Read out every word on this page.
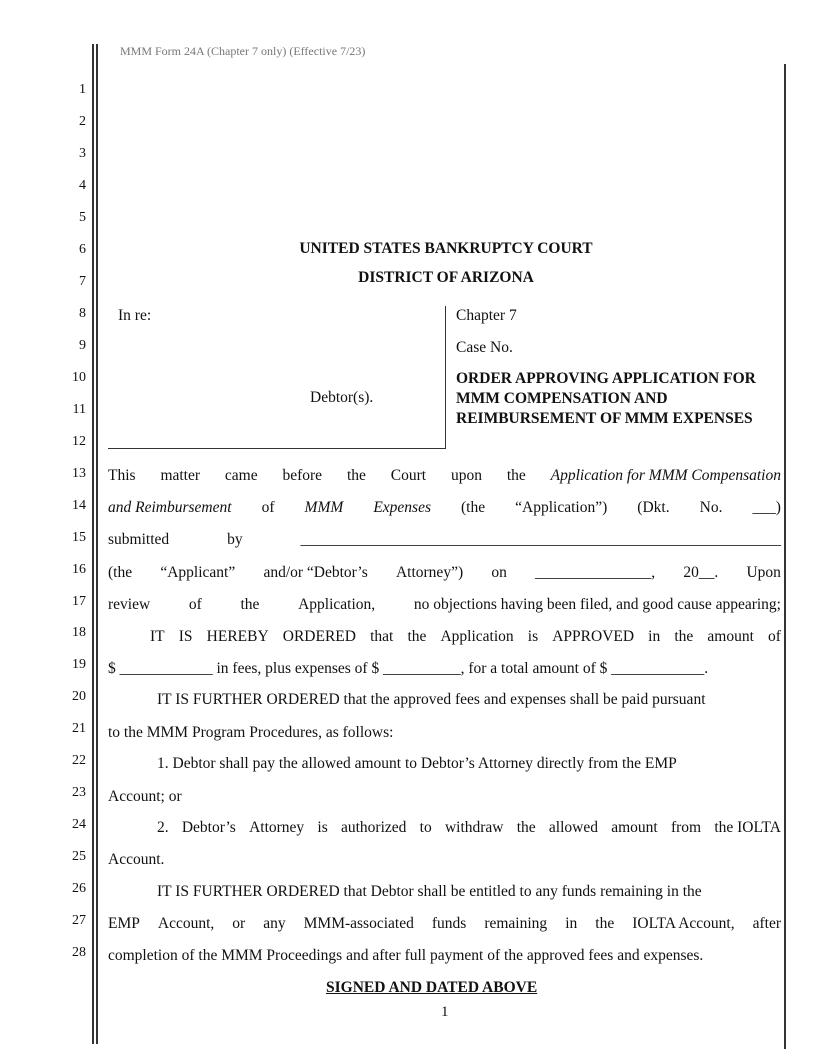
MMM Form 24A (Chapter 7 only) (Effective 7/23)
1
2
3
4
5
6
7
8
9
10
11
12
13
14
15
16
17
18
19
20
21
22
23
24
25
26
27
28
UNITED STATES BANKRUPTCY COURT
DISTRICT OF ARIZONA
In re:
Debtor(s).
Chapter 7
Case No.
ORDER APPROVING APPLICATION FOR MMM COMPENSATION AND REIMBURSEMENT OF MMM EXPENSES
This matter came before the Court upon the Application for MMM Compensation
and Reimbursement of MMM Expenses (the “Application”) (Dkt. No. ___)
submitted	by	______________________________________________________________
(the “Applicant” and/or “Debtor’s Attorney”) on _______________, 20__. Upon
review of the Application, no objections having been filed, and good cause appearing;
IT IS HEREBY ORDERED that the Application is APPROVED in the amount of
$ ____________ in fees, plus expenses of $ __________, for a total amount of $ ____________.
IT IS FURTHER ORDERED that the approved fees and expenses shall be paid pursuant
to the MMM Program Procedures, as follows:
1. Debtor shall pay the allowed amount to Debtor’s Attorney directly from the EMP
Account; or
2. Debtor’s Attorney is authorized to withdraw the allowed amount from the IOLTA
Account.
IT IS FURTHER ORDERED that Debtor shall be entitled to any funds remaining in the
EMP Account, or any MMM-associated funds remaining in the IOLTA Account, after
completion of the MMM Proceedings and after full payment of the approved fees and expenses.
SIGNED AND DATED ABOVE
1
